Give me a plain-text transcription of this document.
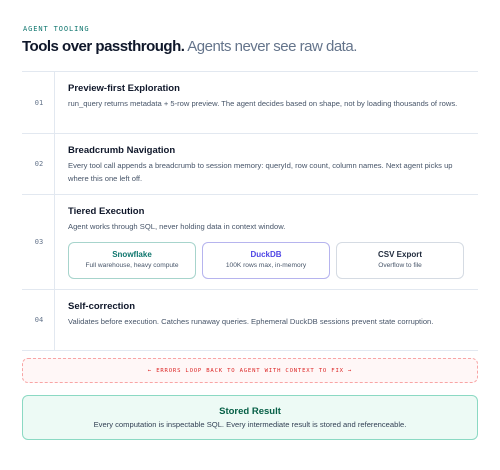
AGENT TOOLING
Tools over passthrough. Agents never see raw data.
01
Preview-first Exploration
run_query returns metadata + 5-row preview. The agent decides based on shape, not by loading thousands of rows.
02
Breadcrumb Navigation
Every tool call appends a breadcrumb to session memory: queryId, row count, column names. Next agent picks up where this one left off.
03
Tiered Execution
Agent works through SQL, never holding data in context window.
Snowflake
Full warehouse, heavy compute
DuckDB
100K rows max, in-memory
CSV Export
Overflow to file
04
Self-correction
Validates before execution. Catches runaway queries. Ephemeral DuckDB sessions prevent state corruption.
← ERRORS LOOP BACK TO AGENT WITH CONTEXT TO FIX →
Stored Result
Every computation is inspectable SQL. Every intermediate result is stored and referenceable.
